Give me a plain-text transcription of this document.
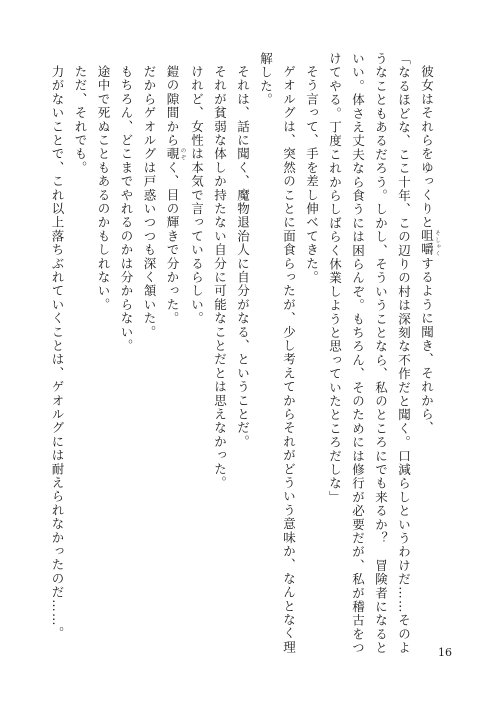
彼女はそれらをゆっくりと咀嚼 そしゃくするように聞き、それから、

「なるほどな、ここ十年、この辺りの村は深刻な不作だと聞く。口減らしというわけだ……そのよ

うなこともあるだろう。しかし、そういうことなら、私のところにでも来るか？　冒険者になると

いい。体さえ丈夫なら食うには困らんぞ。もちろん、そのためには修行が必要だが、私が稽古をつ

けてやる。丁度これからしばらく休業しようと思っていたところだしな」

そう言って、手を差し伸べてきた。

ゲオルグは、突然のことに面食らったが、少し考えてからそれがどういう意味か、なんとなく理

解した。

それは、話に聞く、魔物退治人に自分がなる、ということだ。

それが貧弱な体しか持たない自分に可能なことだとは思えなかった。

けれど、女性は本気で言っているらしい。

鎧の隙間から覗 のぞく、目の輝きで分かった。

だからゲオルグは戸惑いつつも深く頷いた。

もちろん、どこまでやれるのかは分からない。

途中で死ぬこともあるのかもしれない。

ただ、それでも。

力がないことで、これ以上落ちぶれていくことは、ゲオルグには耐えられなかったのだ……。

16
